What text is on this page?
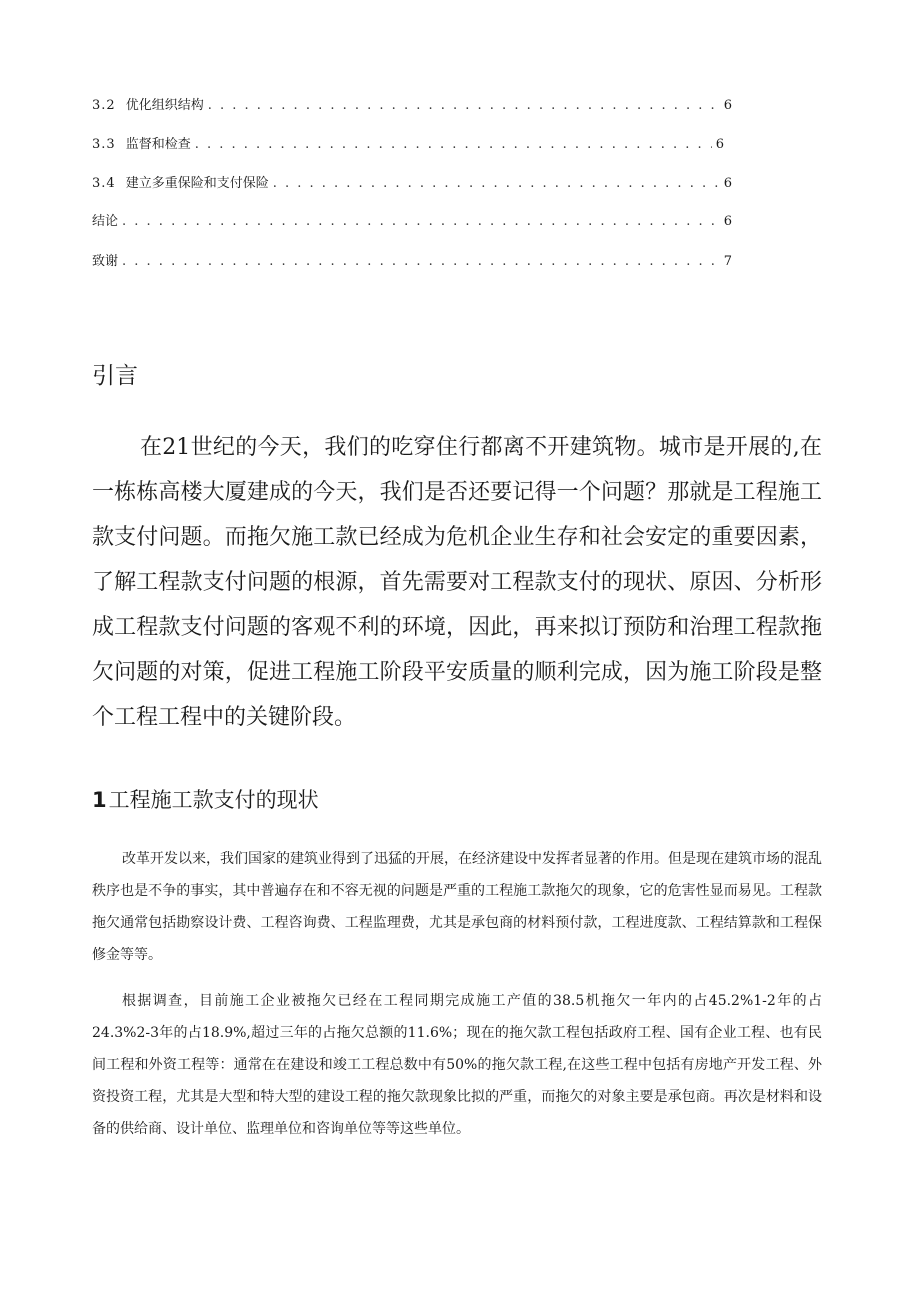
3.2 优化组织结构 . . .	6
3.3 监督和检查 . . .	6
3.4 建立多重保险和支付保险 . . .	6
结论 . . .	6
致谢 . . .	7
引言

在21世纪的今天，我们的吃穿住行都离不开建筑物。城市是开展的,在一栋栋高楼大厦建成的今天，我们是否还要记得一个问题？那就是工程施工款支付问题。而拖欠施工款已经成为危机企业生存和社会安定的重要因素，了解工程款支付问题的根源，首先需要对工程款支付的现状、原因、分析形成工程款支付问题的客观不利的环境，因此，再来拟订预防和治理工程款拖欠问题的对策，促进工程施工阶段平安质量的顺利完成，因为施工阶段是整个工程工程中的关键阶段。

1工程施工款支付的现状

改革开发以来，我们国家的建筑业得到了迅猛的开展，在经济建设中发挥者显著的作用。但是现在建筑市场的混乱秩序也是不争的事实，其中普遍存在和不容无视的问题是严重的工程施工款拖欠的现象，它的危害性显而易见。工程款拖欠通常包括勘察设计费、工程咨询费、工程监理费，尤其是承包商的材料预付款，工程进度款、工程结算款和工程保修金等等。

根据调查，目前施工企业被拖欠已经在工程同期完成施工产值的38.5机拖欠一年内的占45.2%1-2年的占24.3%2-3年的占18.9%,超过三年的占拖欠总额的11.6%；现在的拖欠款工程包括政府工程、国有企业工程、也有民间工程和外资工程等：通常在在建设和竣工工程总数中有50%的拖欠款工程,在这些工程中包括有房地产开发工程、外资投资工程，尤其是大型和特大型的建设工程的拖欠款现象比拟的严重，而拖欠的对象主要是承包商。再次是材料和设备的供给商、设计单位、监理单位和咨询单位等等这些单位。
